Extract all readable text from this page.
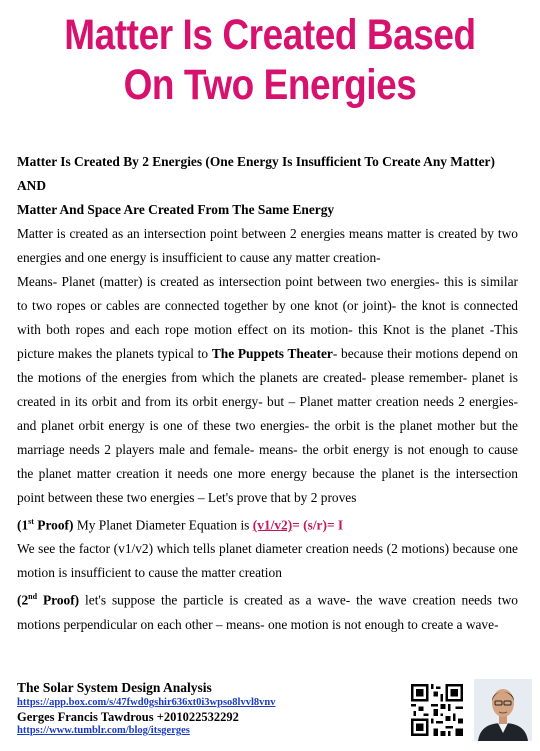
Matter Is Created Based
On Two Energies

Matter Is Created By 2 Energies (One Energy Is Insufficient To Create Any Matter)

AND

Matter And Space Are Created From The Same Energy

Matter is created as an intersection point between 2 energies means matter is created by two energies and one energy is insufficient to cause any matter creation-

Means- Planet (matter) is created as intersection point between two energies- this is similar to two ropes or cables are connected together by one knot (or joint)- the knot is connected with both ropes and each rope motion effect on its motion- this Knot is the planet -This picture makes the planets typical to The Puppets Theater- because their motions depend on the motions of the energies from which the planets are created- please remember- planet is created in its orbit and from its orbit energy- but – Planet matter creation needs 2 energies- and planet orbit energy is one of these two energies- the orbit is the planet mother but the marriage needs 2 players male and female- means- the orbit energy is not enough to cause the planet matter creation it needs one more energy because the planet is the intersection point between these two energies – Let's prove that by 2 proves

(1st Proof) My Planet Diameter Equation is (v1/v2)= (s/r)= I

We see the factor (v1/v2) which tells planet diameter creation needs (2 motions) because one motion is insufficient to cause the matter creation

(2nd Proof) let's suppose the particle is created as a wave- the wave creation needs two motions perpendicular on each other – means- one motion is not enough to create a wave-

The Solar System Design Analysis
https://app.box.com/s/47fwd0gshir636xt0i3wpso8lvvl8vnv
Gerges Francis Tawdrous +201022532292
https://www.tumblr.com/blog/itsgerges
